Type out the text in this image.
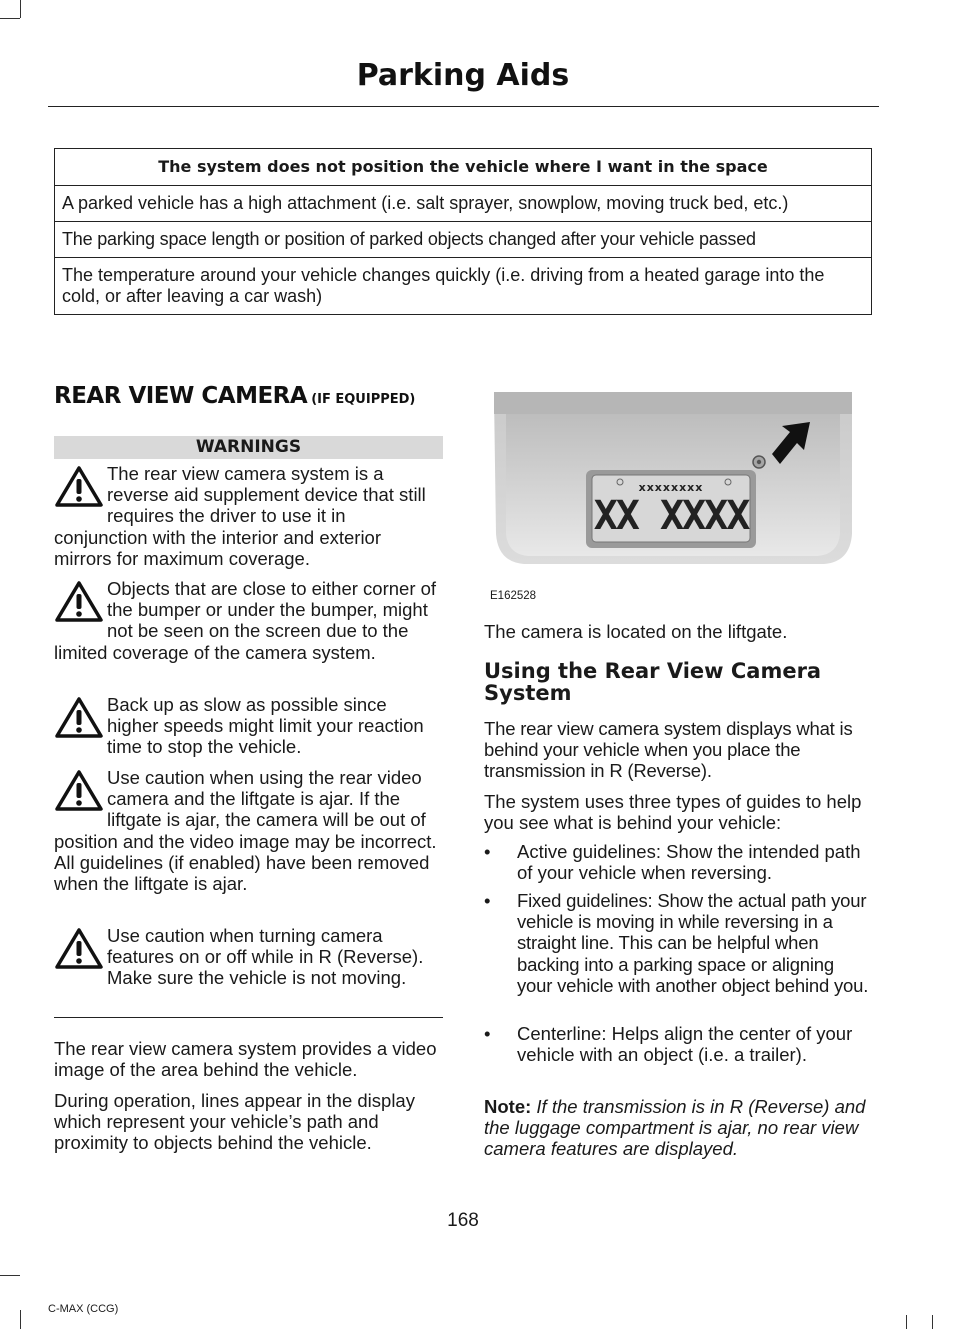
Parking Aids
The system does not position the vehicle where I want in the space
A parked vehicle has a high attachment (i.e. salt sprayer, snowplow, moving truck bed, etc.)
The parking space length or position of parked objects changed after your vehicle passed
The temperature around your vehicle changes quickly (i.e. driving from a heated garage into the cold, or after leaving a car wash)
REAR VIEW CAMERA (IF EQUIPPED)
WARNINGS
The rear view camera system is a reverse aid supplement device that still requires the driver to use it in conjunction with the interior and exterior mirrors for maximum coverage.
Objects that are close to either corner of the bumper or under the bumper, might not be seen on the screen due to the limited coverage of the camera system.
Back up as slow as possible since higher speeds might limit your reaction time to stop the vehicle.
Use caution when using the rear video camera and the liftgate is ajar. If the liftgate is ajar, the camera will be out of position and the video image may be incorrect. All guidelines (if enabled) have been removed when the liftgate is ajar.
Use caution when turning camera features on or off while in R (Reverse). Make sure the vehicle is not moving.
The rear view camera system provides a video image of the area behind the vehicle.
During operation, lines appear in the display which represent your vehicle’s path and proximity to objects behind the vehicle.
xxxxxxxx
XX XXXX
E162528
The camera is located on the liftgate.
Using the Rear View Camera System
The rear view camera system displays what is behind your vehicle when you place the transmission in R (Reverse).
The system uses three types of guides to help you see what is behind your vehicle:
• Active guidelines: Show the intended path of your vehicle when reversing.
• Fixed guidelines: Show the actual path your vehicle is moving in while reversing in a straight line. This can be helpful when backing into a parking space or aligning your vehicle with another object behind you.
• Centerline: Helps align the center of your vehicle with an object (i.e. a trailer).
Note: If the transmission is in R (Reverse) and the luggage compartment is ajar, no rear view camera features are displayed.
168
C-MAX (CCG)
